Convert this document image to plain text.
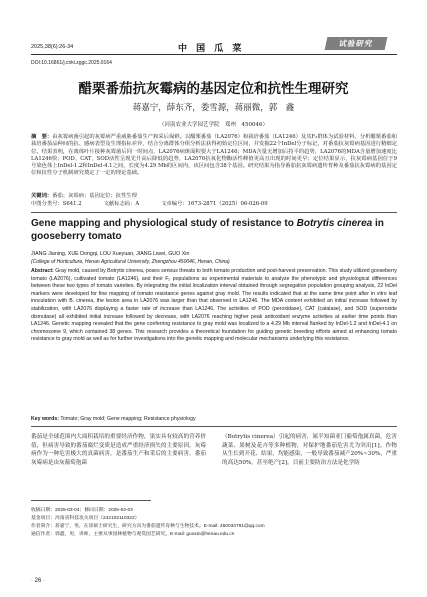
2025,38(6):26-34	中 国 瓜 菜
试验研究
DOI:10.16861/j.cnki.zggc.2025.0164
醋栗番茄抗灰霉病的基因定位和抗性生理研究
蒋嘉宁，薛东齐，娄雪源，蒋丽微，郭　鑫
（河南农业大学园艺学院　郑州　450046）
摘　要：由灰霉病菌引起的灰霉病严重威胁番茄生产和采后保鲜。以醋栗番茄（LA2076）和栽培番茄（LA1246）及其F₂群体为试验材料，分析醋栗番茄和栽培番茄品种间的抗、感病表型及生理指标差异，结合分离群体分组分析法获得初始定位区间，并发掘22个InDel分子标记，对番茄抗灰霉病基因进行精细定位。结果表明，在离体叶片接种灰霉菌后同一时间点，LA2076病斑面积要大于LA1246；MDA含量无增加后持平的趋势，LA2076的MDA含量增加速度比LA1246快；POD、CAT、SOD活性呈现先升高后降低的趋势，LA2076抗氧化物酶活性峰值更高且出现的时间更早；定位结果显示，抗灰霉病基因位于9号染色体上InDel-1.2和InDel-4.1之间，长度为4.29 Mb的区间内，该区间包含38个基因。研究结果为指导番茄抗灰霉病遗传育种及番茄抗灰霉病的基因定位和抗性分子机制研究奠定了一定的理论基础。
关键词：番茄；灰霉病；基因定位；抗性生理
中图分类号：S641.2	文献标志码：A	文章编号：1673-2871（2025）06-026-09
Gene mapping and physiological study of resistance to Botrytis cinerea in gooseberry tomato
JIANG Jianing, XUE Dongqi, LOU Xueyuan, JIANG Liwei, GUO Xin
(College of Horticulture, Henan Agricultural University, Zhengzhou 450046, Henan, China)
Abstract: Gray mold, caused by Botrytis cinerea, poses serious threats to both tomato production and post-harvest preservation. This study utilized gooseberry tomato (LA2076), cultivated tomato (LA1246), and their F₂ populations as experimental materials to analyze the phenotypic and physiological differences between these two types of tomato varieties. By integrating the initial localization interval obtained through segregation population grouping analysis, 22 InDel markers were developed for fine mapping of tomato resistance genes against gray mold. The results indicated that at the same time point after in vitro leaf inoculation with B. cinerea, the lesion area in LA2076 was larger than that observed in LA1246. The MDA content exhibited an initial increase followed by stabilization, with LA2076 displaying a faster rate of increase than LA1246. The activities of POD (peroxidase), CAT (catalase), and SOD (superoxide dismutase) all exhibited initial increase followed by decrease, with LA2076 reaching higher peak antioxidant enzyme activities at earlier time points than LA1246. Genetic mapping revealed that the gene conferring resistance to gray mold was localized to a 4.29 Mb interval flanked by InDel-1.2 and InDel-4.1 on chromosome 9, which contained 38 genes. This research provides a theoretical foundation for guiding genetic breeding efforts aimed at enhancing tomato resistance to gray mold as well as for further investigations into the genetic mapping and molecular mechanisms underlying this resistance.
Key words: Tomato; Gray mold; Gene mapping; Resistance physiology
番茄是全球范围内大面积栽培的重要经济作物，果实具有较高的营养价值，但病害导致的番茄腐烂变质是造成严重经济损失的主要原因。灰霉病作为一种危害极大的真菌病害，是番茄生产和采后的主要病害。番茄灰霉病是由灰葡萄孢菌
（Botrytis cinerea）引起的病害，属半知菌亚门葡萄孢属真菌，危害蔬菜、果树及花卉等多种植物，对保护地番茄危害尤为突出[1]。作物从生长到开花、结果，均能感染，一般导致番茄减产20%~30%，严重的高达50%，甚至绝产[2]。目前主要防治方法是化学防
收稿日期：2025-03-04；修回日期：2025-04-03
基金项目：河南省科技攻关项目（242102110322）
作者简介：蒋嘉宁，男，在读硕士研究生，研究方向为番茄遗传育种与生物技术。E-mail: 450034791@qq.com
通信作者：郭鑫，男，讲师，主要从事园林植物与观赏园艺研究。E-mail: guoxin@henau.edu.cn
· 26 ·
